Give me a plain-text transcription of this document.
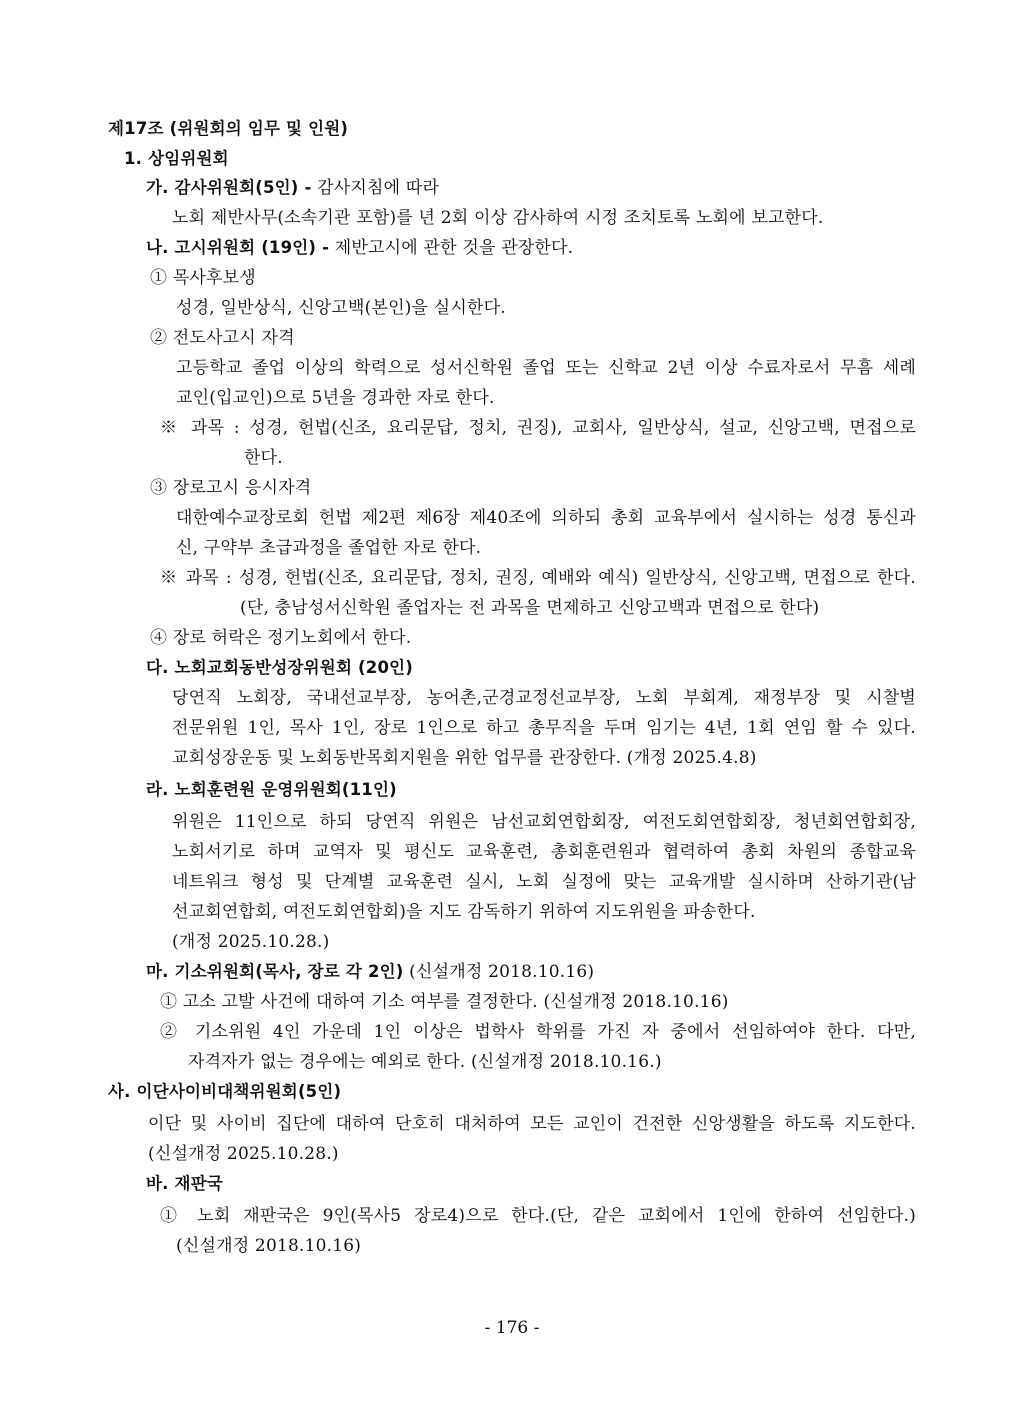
제17조 (위원회의 임무 및 인원)
1. 상임위원회
가. 감사위원회(5인) - 감사지침에 따라
노회 제반사무(소속기관 포함)를 년 2회 이상 감사하여 시정 조치토록 노회에 보고한다.
나. 고시위원회 (19인) - 제반고시에 관한 것을 관장한다.
① 목사후보생
성경, 일반상식, 신앙고백(본인)을 실시한다.
② 전도사고시 자격
고등학교 졸업 이상의 학력으로 성서신학원 졸업 또는 신학교 2년 이상 수료자로서 무흠 세례
교인(입교인)으로 5년을 경과한 자로 한다.
※ 과목 : 성경, 헌법(신조, 요리문답, 정치, 권징), 교회사, 일반상식, 설교, 신앙고백, 면접으로
한다.
③ 장로고시 응시자격
대한예수교장로회 헌법 제2편 제6장 제40조에 의하되 총회 교육부에서 실시하는 성경 통신과
신, 구약부 초급과정을 졸업한 자로 한다.
※ 과목 : 성경, 헌법(신조, 요리문답, 정치, 권징, 예배와 예식) 일반상식, 신앙고백, 면접으로 한다.
(단, 충남성서신학원 졸업자는 전 과목을 면제하고 신앙고백과 면접으로 한다)
④ 장로 허락은 정기노회에서 한다.
다. 노회교회동반성장위원회 (20인)
당연직 노회장, 국내선교부장, 농어촌,군경교정선교부장, 노회 부회계, 재정부장 및 시찰별
전문위원 1인, 목사 1인, 장로 1인으로 하고 총무직을 두며 임기는 4년, 1회 연임 할 수 있다.
교회성장운동 및 노회동반목회지원을 위한 업무를 관장한다. (개정 2025.4.8)
라. 노회훈련원 운영위원회(11인)
위원은 11인으로 하되 당연직 위원은 남선교회연합회장, 여전도회연합회장, 청년회연합회장,
노회서기로 하며 교역자 및 평신도 교육훈련, 총회훈련원과 협력하여 총회 차원의 종합교육
네트워크 형성 및 단계별 교육훈련 실시, 노회 실정에 맞는 교육개발 실시하며 산하기관(남
선교회연합회, 여전도회연합회)을 지도 감독하기 위하여 지도위원을 파송한다.
(개정 2025.10.28.)
마. 기소위원회(목사, 장로 각 2인) (신설개정 2018.10.16)
① 고소 고발 사건에 대하여 기소 여부를 결정한다. (신설개정 2018.10.16)
② 기소위원 4인 가운데 1인 이상은 법학사 학위를 가진 자 중에서 선임하여야 한다. 다만,
자격자가 없는 경우에는 예외로 한다. (신설개정 2018.10.16.)
사. 이단사이비대책위원회(5인)
이단 및 사이비 집단에 대하여 단호히 대처하여 모든 교인이 건전한 신앙생활을 하도록 지도한다.
(신설개정 2025.10.28.)
바. 재판국
① 노회 재판국은 9인(목사5 장로4)으로 한다.(단, 같은 교회에서 1인에 한하여 선임한다.)
(신설개정 2018.10.16)
- 176 -
